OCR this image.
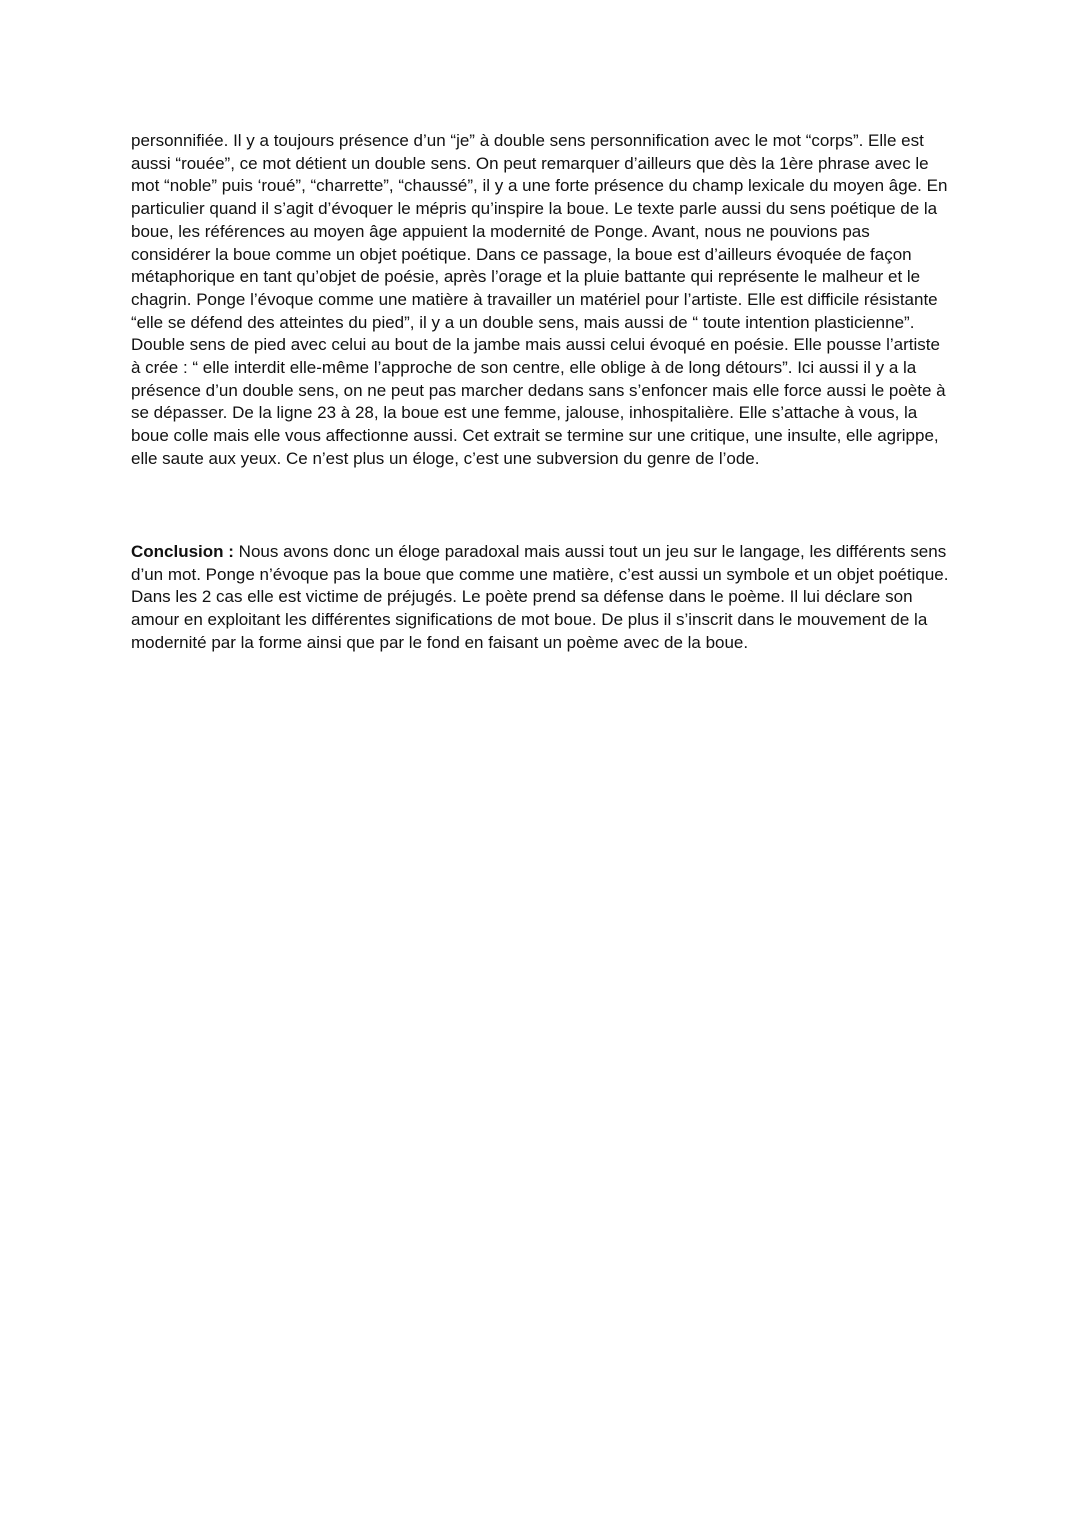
personnifiée. Il y a toujours présence d’un “je” à double sens personnification avec le mot “corps”. Elle est aussi “rouée”, ce mot détient un double sens. On peut remarquer d’ailleurs que dès la 1ère phrase avec le mot “noble” puis ‘roué”, “charrette”, “chaussé”, il y a une forte présence du champ lexicale du moyen âge. En particulier quand il s’agit d’évoquer le mépris qu’inspire la boue. Le texte parle aussi du sens poétique de la boue, les références au moyen âge appuient la modernité de Ponge. Avant, nous ne pouvions pas considérer la boue comme un objet poétique. Dans ce passage, la boue est d’ailleurs évoquée de façon métaphorique en tant qu’objet de poésie, après l’orage et la pluie battante qui représente le malheur et le chagrin. Ponge l’évoque comme une matière à travailler un matériel pour l’artiste. Elle est difficile résistante “elle se défend des atteintes du pied”, il y a un double sens, mais aussi de “ toute intention plasticienne”. Double sens de pied avec celui au bout de la jambe mais aussi celui évoqué en poésie. Elle pousse l’artiste à crée : “ elle interdit elle-même l’approche de son centre, elle oblige à de long détours”. Ici aussi il y a la présence d’un double sens, on ne peut pas marcher dedans sans s’enfoncer mais elle force aussi le poète à se dépasser. De la ligne 23 à 28, la boue est une femme, jalouse, inhospitalière. Elle s’attache à vous, la boue colle mais elle vous affectionne aussi. Cet extrait se termine sur une critique, une insulte, elle agrippe, elle saute aux yeux. Ce n’est plus un éloge, c’est une subversion du genre de l’ode.

Conclusion : Nous avons donc un éloge paradoxal mais aussi tout un jeu sur le langage, les différents sens d’un mot. Ponge n’évoque pas la boue que comme une matière, c’est aussi un symbole et un objet poétique. Dans les 2 cas elle est victime de préjugés. Le poète prend sa défense dans le poème. Il lui déclare son amour en exploitant les différentes significations de mot boue. De plus il s’inscrit dans le mouvement de la modernité par la forme ainsi que par le fond en faisant un poème avec de la boue.
